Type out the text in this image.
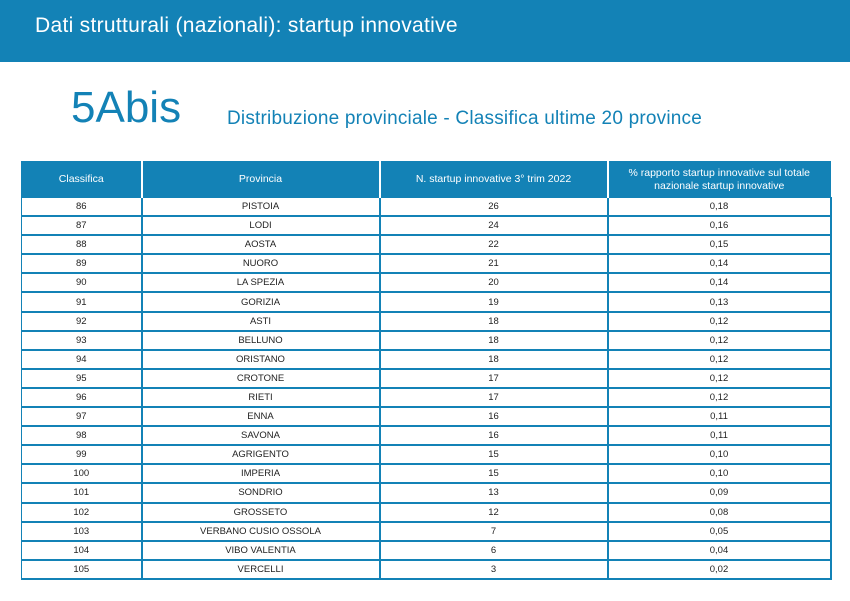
Dati strutturali (nazionali): startup innovative
5Abis Distribuzione provinciale - Classifica ultime 20 province
Classifica	Provincia	N. startup innovative 3° trim 2022	% rapporto startup innovative sul totale nazionale startup innovative
86	PISTOIA	26	0,18
87	LODI	24	0,16
88	AOSTA	22	0,15
89	NUORO	21	0,14
90	LA SPEZIA	20	0,14
91	GORIZIA	19	0,13
92	ASTI	18	0,12
93	BELLUNO	18	0,12
94	ORISTANO	18	0,12
95	CROTONE	17	0,12
96	RIETI	17	0,12
97	ENNA	16	0,11
98	SAVONA	16	0,11
99	AGRIGENTO	15	0,10
100	IMPERIA	15	0,10
101	SONDRIO	13	0,09
102	GROSSETO	12	0,08
103	VERBANO CUSIO OSSOLA	7	0,05
104	VIBO VALENTIA	6	0,04
105	VERCELLI	3	0,02
